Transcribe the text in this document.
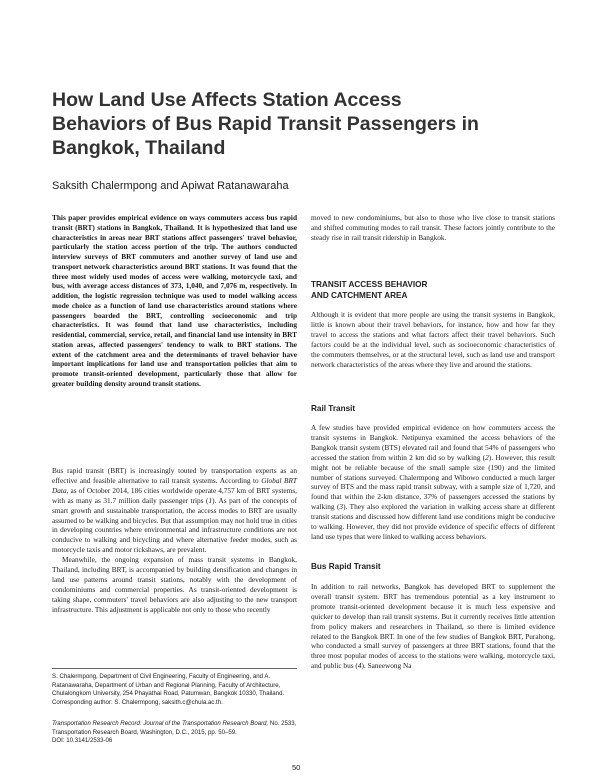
How Land Use Affects Station Access Behaviors of Bus Rapid Transit Passengers in Bangkok, Thailand
Saksith Chalermpong and Apiwat Ratanawaraha

This paper provides empirical evidence on ways commuters access bus rapid transit (BRT) stations in Bangkok, Thailand. It is hypothesized that land use characteristics in areas near BRT stations affect passengers' travel behavior, particularly the station access portion of the trip. The authors conducted interview surveys of BRT commuters and another survey of land use and transport network characteristics around BRT stations. It was found that the three most widely used modes of access were walking, motorcycle taxi, and bus, with average access distances of 373, 1,040, and 7,076 m, respectively. In addition, the logistic regression technique was used to model walking access mode choice as a function of land use characteristics around stations where passengers boarded the BRT, controlling socioeconomic and trip characteristics. It was found that land use characteristics, including residential, commercial, service, retail, and financial land use intensity in BRT station areas, affected passengers' tendency to walk to BRT stations. The extent of the catchment area and the determinants of travel behavior have important implications for land use and transportation policies that aim to promote transit-oriented development, particularly those that allow for greater building density around transit stations.

Bus rapid transit (BRT) is increasingly touted by transportation experts as an effective and feasible alternative to rail transit systems. According to Global BRT Data, as of October 2014, 186 cities worldwide operate 4,757 km of BRT systems, with as many as 31.7 million daily passenger trips (1). As part of the concepts of smart growth and sustainable transportation, the access modes to BRT are usually assumed to be walking and bicycles. But that assumption may not hold true in cities in developing countries where environmental and infrastructure conditions are not conducive to walking and bicycling and where alternative feeder modes, such as motorcycle taxis and motor rickshaws, are prevalent.

Meanwhile, the ongoing expansion of mass transit systems in Bangkok, Thailand, including BRT, is accompanied by building densification and changes in land use patterns around transit stations, notably with the development of condominiums and commercial properties. As transit-oriented development is taking shape, commuters' travel behaviors are also adjusting to the new transport infrastructure. This adjustment is applicable not only to those who recently

S. Chalermpong, Department of Civil Engineering, Faculty of Engineering, and A. Ratanawaraha, Department of Urban and Regional Planning, Faculty of Architecture, Chulalongkorn University, 254 Phayathai Road, Patumwan, Bangkok 10330, Thailand. Corresponding author: S. Chalermpong, saksith.c@chula.ac.th.

Transportation Research Record: Journal of the Transportation Research Board, No. 2533, Transportation Research Board, Washington, D.C., 2015, pp. 50–59.

DOI: 10.3141/2533-06

moved to new condominiums, but also to those who live close to transit stations and shifted commuting modes to rail transit. These factors jointly contribute to the steady rise in rail transit ridership in Bangkok.

TRANSIT ACCESS BEHAVIOR
AND CATCHMENT AREA

Although it is evident that more people are using the transit systems in Bangkok, little is known about their travel behaviors, for instance, how and how far they travel to access the stations and what factors affect their travel behaviors. Such factors could be at the individual level, such as socioeconomic characteristics of the commuters themselves, or at the structural level, such as land use and transport network characteristics of the areas where they live and around the stations.

Rail Transit

A few studies have provided empirical evidence on how commuters access the transit systems in Bangkok. Netipunya examined the access behaviors of the Bangkok transit system (BTS) elevated rail and found that 54% of passengers who accessed the station from within 2 km did so by walking (2). However, this result might not be reliable because of the small sample size (190) and the limited number of stations surveyed. Chalermpong and Wibowo conducted a much larger survey of BTS and the mass rapid transit subway, with a sample size of 1,720, and found that within the 2-km distance, 37% of passengers accessed the stations by walking (3). They also explored the variation in walking access share at different transit stations and discussed how different land use conditions might be conducive to walking. However, they did not provide evidence of specific effects of different land use types that were linked to walking access behaviors.

Bus Rapid Transit

In addition to rail networks, Bangkok has developed BRT to supplement the overall transit system. BRT has tremendous potential as a key instrument to promote transit-oriented development because it is much less expensive and quicker to develop than rail transit systems. But it currently receives little attention from policy makers and researchers in Thailand, so there is limited evidence related to the Bangkok BRT. In one of the few studies of Bangkok BRT, Purahong, who conducted a small survey of passengers at three BRT stations, found that the three most popular modes of access to the stations were walking, motorcycle taxi, and public bus (4). Saneewong Na

50
